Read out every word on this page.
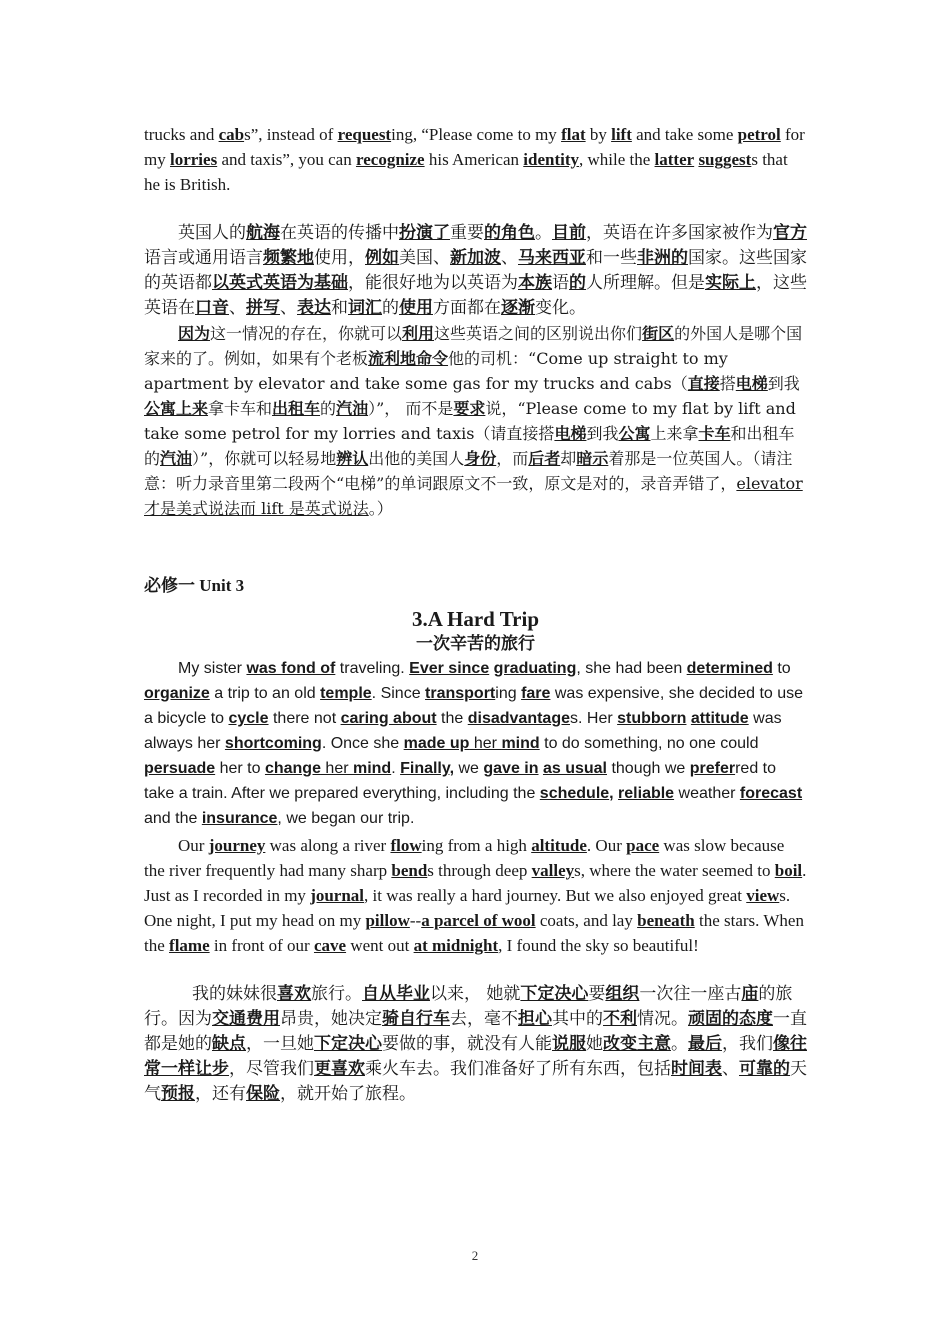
trucks and cabs”, instead of requesting, “Please come to my flat by lift and take some petrol for my lorries and taxis”, you can recognize his American identity, while the latter suggests that he is British.

英国人的航海在英语的传播中扮演了重要的角色。目前，英语在许多国家被作为官方语言或通用语言频繁地使用，例如美国、新加波、马来西亚和一些非洲的国家。这些国家的英语都以英式英语为基础，能很好地为以英语为本族语的人所理解。但是实际上，这些英语在口音、拼写、表达和词汇的使用方面都在逐渐变化。

因为这一情况的存在，你就可以利用这些英语之间的区别说出你们街区的外国人是哪个国家来的了。例如，如果有个老板流利地命令他的司机：“Come up straight to my apartment by elevator and take some gas for my trucks and cabs（直接搭电梯到我公寓上来拿卡车和出租车的汽油）”， 而不是要求说，“Please come to my flat by lift and take some petrol for my lorries and taxis（请直接搭电梯到我公寓上来拿卡车和出租车的汽油）”，你就可以轻易地辨认出他的美国人身份，而后者却暗示着那是一位英国人。（请注意：听力录音里第二段两个“电梯”的单词跟原文不一致，原文是对的，录音弄错了，elevator 才是美式说法而 lift 是英式说法。）

必修一 Unit 3

3.A Hard Trip

一次辛苦的旅行

My sister was fond of traveling. Ever since graduating, she had been determined to organize a trip to an old temple. Since transporting fare was expensive, she decided to use a bicycle to cycle there not caring about the disadvantages. Her stubborn attitude was always her shortcoming. Once she made up her mind to do something, no one could persuade her to change her mind. Finally, we gave in as usual though we preferred to take a train. After we prepared everything, including the schedule, reliable weather forecast and the insurance, we began our trip.

Our journey was along a river flowing from a high altitude. Our pace was slow because the river frequently had many sharp bends through deep valleys, where the water seemed to boil. Just as I recorded in my journal, it was really a hard journey. But we also enjoyed great views. One night, I put my head on my pillow--a parcel of wool coats, and lay beneath the stars. When the flame in front of our cave went out at midnight, I found the sky so beautiful!

我的妹妹很喜欢旅行。自从毕业以来， 她就下定决心要组织一次往一座古庙的旅行。因为交通费用昂贵，她决定骑自行车去，毫不担心其中的不利情况。顽固的态度一直都是她的缺点，一旦她下定决心要做的事，就没有人能说服她改变主意。最后，我们像往常一样让步，尽管我们更喜欢乘火车去。我们准备好了所有东西，包括时间表、可靠的天气预报，还有保险，就开始了旅程。

2
